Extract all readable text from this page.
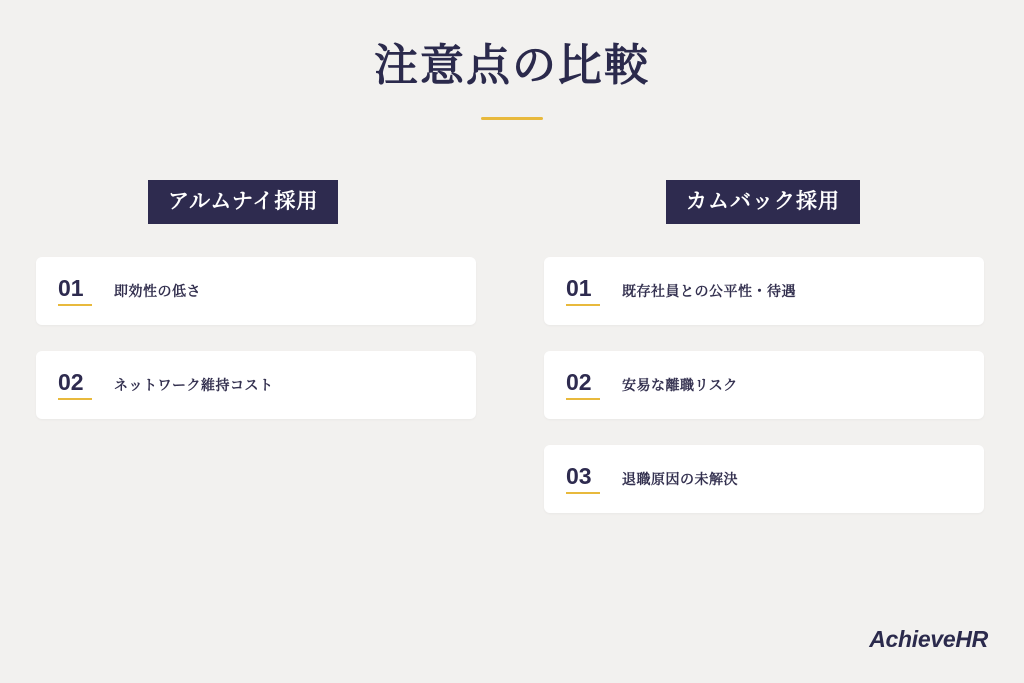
注意点の比較
アルムナイ採用
01	即効性の低さ
02	ネットワーク維持コスト
カムバック採用
01	既存社員との公平性・待遇
02	安易な離職リスク
03	退職原因の未解決
Achieve HR
